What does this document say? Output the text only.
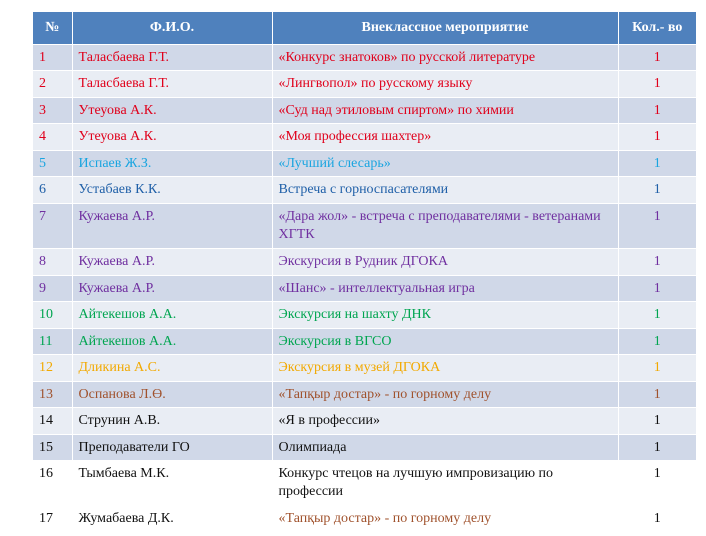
№	Ф.И.О.	Внеклассное мероприятие	Кол.- во
1	Таласбаева Г.Т.	«Конкурс знатоков» по русской литературе	1
2	Таласбаева Г.Т.	«Лингвопол» по русскому языку	1
3	Утеуова А.К.	«Суд над этиловым спиртом» по химии	1
4	Утеуова А.К.	«Моя профессия шахтер»	1
5	Испаев Ж.З.	«Лучший слесарь»	1
6	Устабаев К.К.	Встреча с горноспасателями	1
7	Кужаева А.Р.	«Дара жол» - встреча с преподавателями - ветеранами ХГТК	1
8	Кужаева А.Р.	Экскурсия в Рудник ДГОКА	1
9	Кужаева А.Р.	«Шанс» - интеллектуальная игра	1
10	Айтекешов А.А.	Экскурсия на шахту ДНК	1
11	Айтекешов А.А.	Экскурсия в ВГСО	1
12	Дликина А.С.	Экскурсия в музей ДГОКА	1
13	Оспанова Л.Ө.	«Тапқыр достар» - по горному делу	1
14	Струнин А.В.	«Я в профессии»	1
15	Преподаватели ГО	Олимпиада	1
16	Тымбаева М.К.	Конкурс чтецов на лучшую импровизацию по профессии	1
17	Жумабаева Д.К.	«Тапқыр достар» - по горному делу	1
